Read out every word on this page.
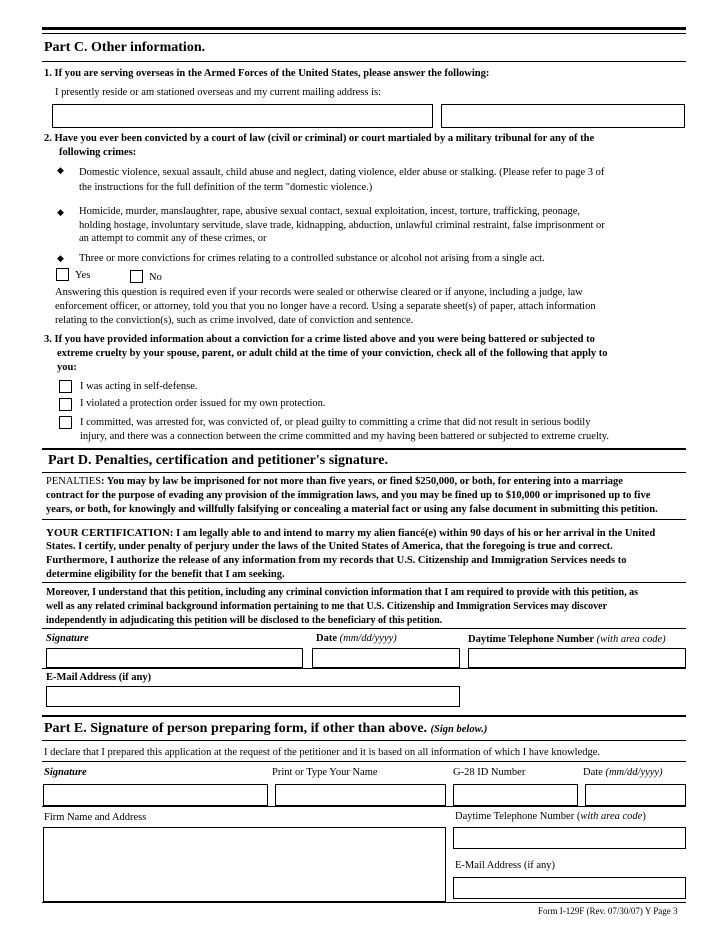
Part C. Other information.
1. If you are serving overseas in the Armed Forces of the United States, please answer the following:
I presently reside or am stationed overseas and my current mailing address is:
2. Have you ever been convicted by a court of law (civil or criminal) or court martialed by a military tribunal for any of the
following crimes:
◆ Domestic violence, sexual assault, child abuse and neglect, dating violence, elder abuse or stalking. (Please refer to page 3 of
the instructions for the full definition of the term "domestic violence.)
◆ Homicide, murder, manslaughter, rape, abusive sexual contact, sexual exploitation, incest, torture, trafficking, peonage,
holding hostage, involuntary servitude, slave trade, kidnapping, abduction, unlawful criminal restraint, false imprisonment or
an attempt to commit any of these crimes, or
◆ Three or more convictions for crimes relating to a controlled substance or alcohol not arising from a single act.
Yes	No
Answering this question is required even if your records were sealed or otherwise cleared or if anyone, including a judge, law
enforcement officer, or attorney, told you that you no longer have a record. Using a separate sheet(s) of paper, attach information
relating to the conviction(s), such as crime involved, date of conviction and sentence.
3. If you have provided information about a conviction for a crime listed above and you were being battered or subjected to
extreme cruelty by your spouse, parent, or adult child at the time of your conviction, check all of the following that apply to
you:
I was acting in self-defense.
I violated a protection order issued for my own protection.
I committed, was arrested for, was convicted of, or plead guilty to committing a crime that did not result in serious bodily
injury, and there was a connection between the crime committed and my having been battered or subjected to extreme cruelty.
Part D. Penalties, certification and petitioner's signature.
PENALTIES: You may by law be imprisoned for not more than five years, or fined $250,000, or both, for entering into a marriage
contract for the purpose of evading any provision of the immigration laws, and you may be fined up to $10,000 or imprisoned up to five
years, or both, for knowingly and willfully falsifying or concealing a material fact or using any false document in submitting this petition.
YOUR CERTIFICATION: I am legally able to and intend to marry my alien fiancé(e) within 90 days of his or her arrival in the United
States. I certify, under penalty of perjury under the laws of the United States of America, that the foregoing is true and correct.
Furthermore, I authorize the release of any information from my records that U.S. Citizenship and Immigration Services needs to
determine eligibility for the benefit that I am seeking.
Moreover, I understand that this petition, including any criminal conviction information that I am required to provide with this petition, as
well as any related criminal background information pertaining to me that U.S. Citizenship and Immigration Services may discover
independently in adjudicating this petition will be disclosed to the beneficiary of this petition.
Signature	Date (mm/dd/yyyy)	Daytime Telephone Number (with area code)
E-Mail Address (if any)
Part E. Signature of person preparing form, if other than above. (Sign below.)
I declare that I prepared this application at the request of the petitioner and it is based on all information of which I have knowledge.
Signature	Print or Type Your Name	G-28 ID Number	Date (mm/dd/yyyy)
Firm Name and Address	Daytime Telephone Number (with area code)
E-Mail Address (if any)
Form I-129F (Rev. 07/30/07) Y Page 3
